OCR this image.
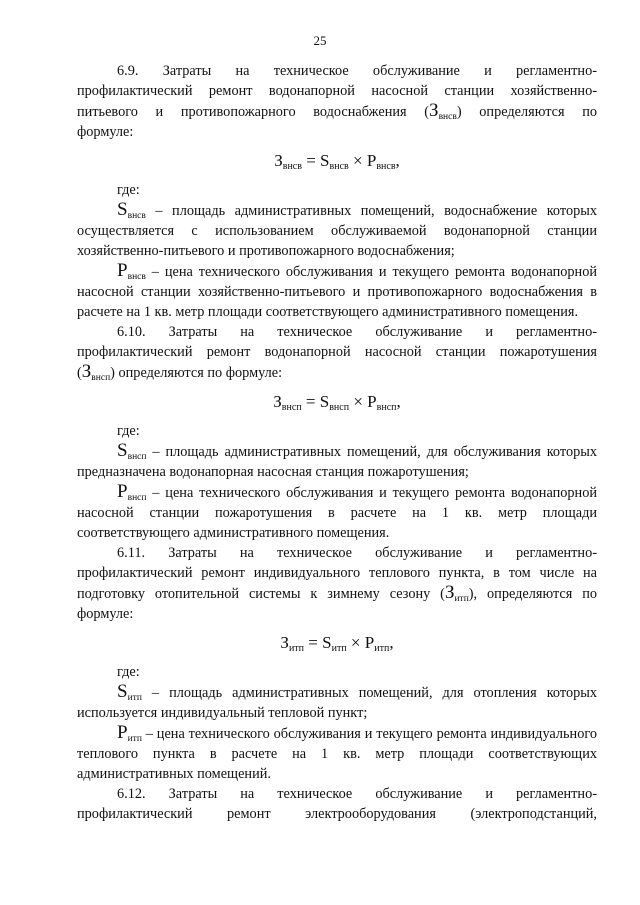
25

6.9. Затраты на техническое обслуживание и регламентно-

профилактический ремонт водонапорной насосной станции хозяйственно-

питьевого и противопожарного водоснабжения $(З_{внсв})$ определяются по

формуле:

$З_{внсв} = S_{внсв} \times P_{внсв}$,

где:

$S_{внсв}$ – площадь административных помещений, водоснабжение которых осуществляется с использованием обслуживаемой водонапорной станции хозяйственно-питьевого и противопожарного водоснабжения;

$P_{внсв}$ – цена технического обслуживания и текущего ремонта водонапорной насосной станции хозяйственно-питьевого и противопожарного водоснабжения в расчете на 1 кв. метр площади соответствующего административного помещения.

6.10. Затраты на техническое обслуживание и регламентно-

профилактический ремонт водонапорной насосной станции пожаротушения

$(З_{внсп})$ определяются по формуле:

$З_{внсп} = S_{внсп} \times P_{внсп}$,

где:

$S_{внсп}$ – площадь административных помещений, для обслуживания которых предназначена водонапорная насосная станция пожаротушения;

$P_{внсп}$ – цена технического обслуживания и текущего ремонта водонапорной насосной станции пожаротушения в расчете на 1 кв. метр площади соответствующего административного помещения.

6.11. Затраты на техническое обслуживание и регламентно-

профилактический ремонт индивидуального теплового пункта, в том числе на

подготовку отопительной системы к зимнему сезону $(З_{итп})$, определяются по

формуле:

$З_{итп} = S_{итп} \times P_{итп}$,

где:

$S_{итп}$ – площадь административных помещений, для отопления которых используется индивидуальный тепловой пункт;

$P_{итп}$ – цена технического обслуживания и текущего ремонта индивидуального теплового пункта в расчете на 1 кв. метр площади соответствующих административных помещений.

6.12. Затраты на техническое обслуживание и регламентно-

профилактический ремонт электрооборудования (электроподстанций,
